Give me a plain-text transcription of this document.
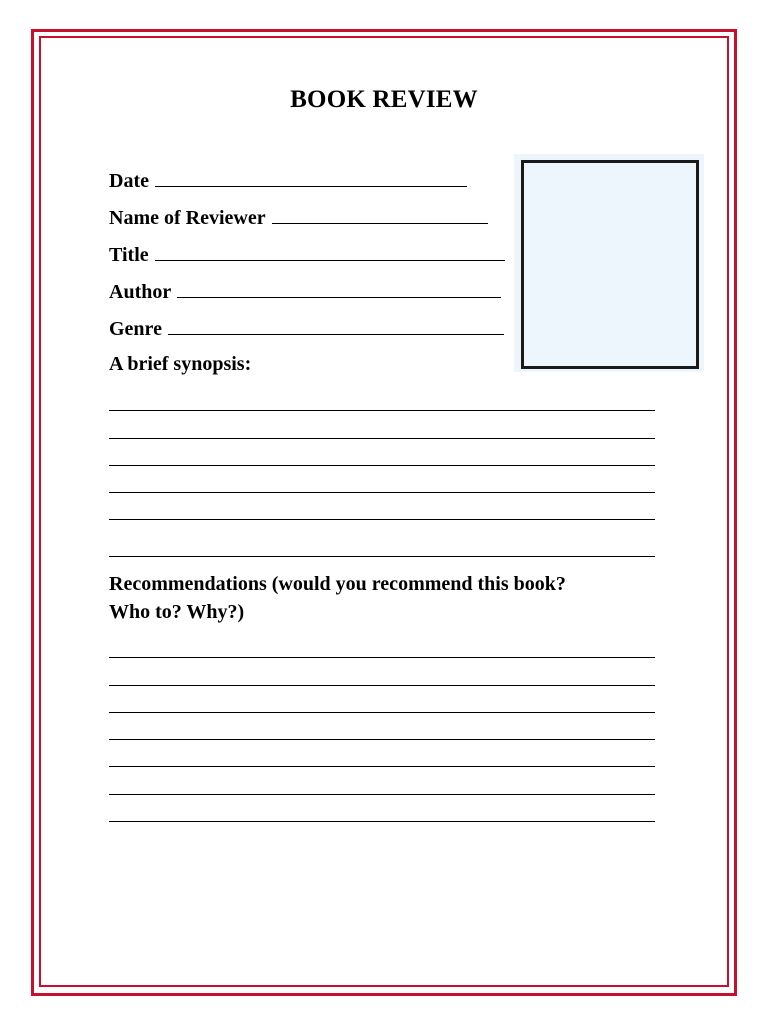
BOOK REVIEW
Date
Name of Reviewer
Title
Author
Genre
A brief synopsis:
Recommendations (would you recommend this book?
Who to? Why?)
